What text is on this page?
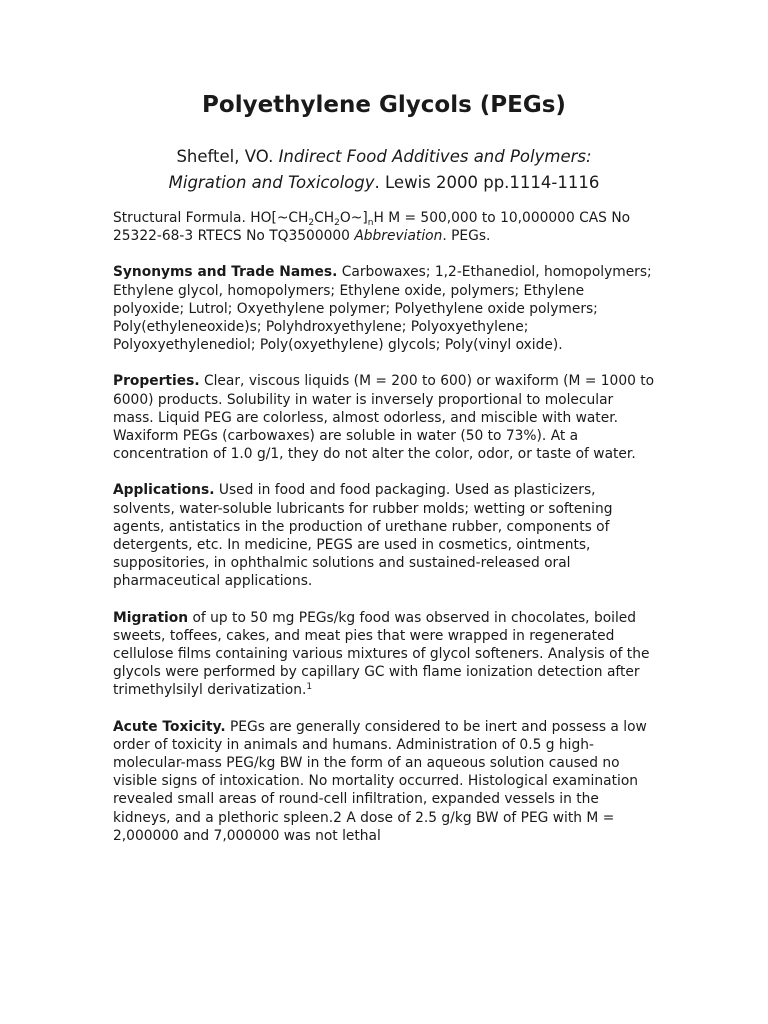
Polyethylene Glycols (PEGs)
Sheftel, VO. Indirect Food Additives and Polymers:
Migration and Toxicology. Lewis 2000 pp.1114-1116

Structural Formula. $HO[\sim CH_2CH_2O\sim]_nH$ M = 500,000 to 10,000000 CAS No 25322-68-3 RTECS No TQ3500000 Abbreviation. PEGs.

Synonyms and Trade Names. Carbowaxes; 1,2-Ethanediol, homopolymers; Ethylene glycol, homopolymers; Ethylene oxide, polymers; Ethylene polyoxide; Lutrol; Oxyethylene polymer; Polyethylene oxide polymers; Poly(ethyleneoxide)s; Polyhdroxyethylene; Polyoxyethylene; Polyoxyethylenediol; Poly(oxyethylene) glycols; Poly(vinyl oxide).

Properties. Clear, viscous liquids (M = 200 to 600) or waxiform (M = 1000 to 6000) products. Solubility in water is inversely proportional to molecular mass. Liquid PEG are colorless, almost odorless, and miscible with water. Waxiform PEGs (carbowaxes) are soluble in water (50 to 73%). At a concentration of 1.0 g/1, they do not alter the color, odor, or taste of water.

Applications. Used in food and food packaging. Used as plasticizers, solvents, water-soluble lubricants for rubber molds; wetting or softening agents, antistatics in the production of urethane rubber, components of detergents, etc. In medicine, PEGS are used in cosmetics, ointments, suppositories, in ophthalmic solutions and sustained-released oral pharmaceutical applications.

Migration of up to 50 mg PEGs/kg food was observed in chocolates, boiled sweets, toffees, cakes, and meat pies that were wrapped in regenerated cellulose films containing various mixtures of glycol softeners. Analysis of the glycols were performed by capillary GC with flame ionization detection after trimethylsilyl derivatization.$^1$

Acute Toxicity. PEGs are generally considered to be inert and possess a low order of toxicity in animals and humans. Administration of 0.5 g high-molecular-mass PEG/kg BW in the form of an aqueous solution caused no visible signs of intoxication. No mortality occurred. Histological examination revealed small areas of round-cell infiltration, expanded vessels in the kidneys, and a plethoric spleen.2 A dose of 2.5 g/kg BW of PEG with M = 2,000000 and 7,000000 was not lethal
